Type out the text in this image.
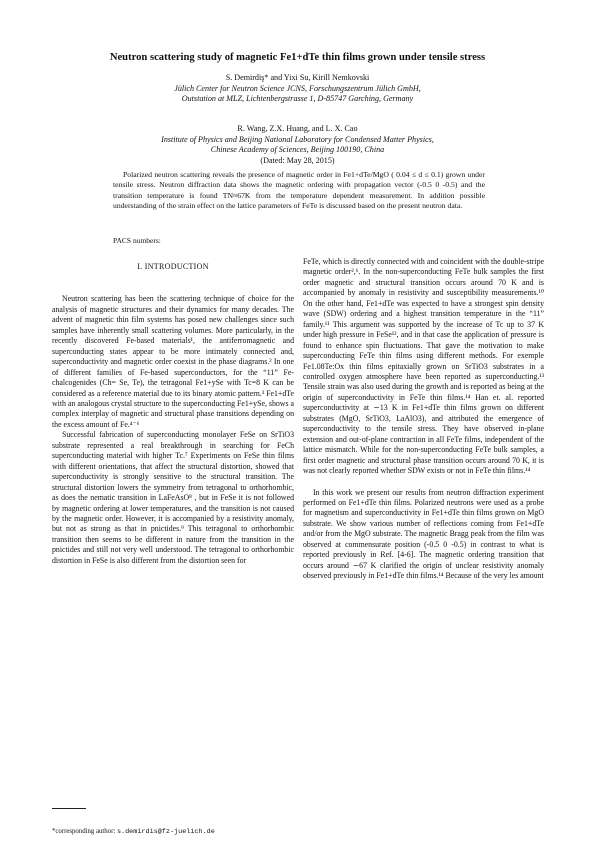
Neutron scattering study of magnetic Fe1+dTe thin films grown under tensile stress
S. Demirdiş* and Yixi Su, Kirill Nemkovski
Jülich Center for Neutron Science JCNS, Forschungszentrum Jülich GmbH,
Outstation at MLZ, Lichtenbergstrasse 1, D-85747 Garching, Germany
R. Wang, Z.X. Huang, and L. X. Cao
Institute of Physics and Beijing National Laboratory for Condensed Matter Physics,
Chinese Academy of Sciences, Beijing 100190, China
(Dated: May 28, 2015)
Polarized neutron scattering reveals the presence of magnetic order in Fe1+dTe/MgO ( 0.04 ≤ d ≤ 0.1) grown under tensile stress. Neutron diffraction data shows the magnetic ordering with propagation vector (-0.5 0 -0.5) and the transition temperature is found TN≈67K from the temperature dependent measurement. In addition possible understanding of the strain effect on the lattice parameters of FeTe is discussed based on the present neutron data.
PACS numbers:
I. INTRODUCTION

Neutron scattering has been the scattering technique of choice for the analysis of magnetic structures and their dynamics for many decades. The advent of magnetic thin film systems has posed new challenges since such samples have inherently small scattering volumes. More particularly, in the recently discovered Fe-based materials¹, the antiferromagnetic and superconducting states appear to be more intimately connected and, superconductivity and magnetic order coexist in the phase diagrams.² In one of different families of Fe-based superconductors, for the “11” Fe-chalcogenides (Ch= Se, Te), the tetragonal Fe1+ySe with Tc=8 K can be considered as a reference material due to its binary atomic pattern.³ Fe1+dTe with an analogous crystal structure to the superconducting Fe1+ySe, shows a complex interplay of magnetic and structural phase transitions depending on the excess amount of Fe.⁴⁻⁶

Successful fabrication of superconducting monolayer FeSe on SrTiO3 substrate represented a real breakthrough in searching for FeCh superconducting material with higher Tc.⁷ Experiments on FeSe thin films with different orientations, that affect the structural distortion, showed that superconductivity is strongly sensitive to the structural transition. The structural distortion lowers the symmetry from tetragonal to orthorhombic, as does the nematic transition in LaFeAsO⁸ , but in FeSe it is not followed by magnetic ordering at lower temperatures, and the transition is not caused by the magnetic order. However, it is accompanied by a resistivity anomaly, but not as strong as that in pnictides.⁹ This tetragonal to orthorhombic transition then seems to be different in nature from the transition in the pnictides and still not very well understood. The tetragonal to orthorhombic distortion in FeSe is also different from the distortion seen for

FeTe, which is directly connected with and coincident with the double-stripe magnetic order²,⁶. In the non-superconducting FeTe bulk samples the first order magnetic and structural transition occurs around 70 K and is accompanied by anomaly in resistivity and susceptibility measurements.¹⁰ On the other hand, Fe1+dTe was expected to have a strongest spin density wave (SDW) ordering and a highest transition temperature in the “11” family.¹¹ This argument was supported by the increase of Tc up to 37 K under high pressure in FeSe¹², and in that case the application of pressure is found to enhance spin fluctuations. That gave the motivation to make superconducting FeTe thin films using different methods. For exemple Fe1.08Te:Ox thin films epitaxially grown on SrTiO3 substrates in a controlled oxygen atmosphere have been reported as superconducting.¹³ Tensile strain was also used during the growth and is reported as being at the origin of superconductivity in FeTe thin films.¹⁴ Han et. al. reported superconductivity at ∼13 K in Fe1+dTe thin films grown on different substrates (MgO, SrTiO3, LaAlO3), and attributed the emergence of superconductivity to the tensile stress. They have observed in-plane extension and out-of-plane contraction in all FeTe films, independent of the lattice mismatch. While for the non-superconducting FeTe bulk samples, a first order magnetic and structural phase transition occurs around 70 K, it is was not clearly reported whether SDW exists or not in FeTe thin films.¹⁴

In this work we present our results from neutron diffraction experiment performed on Fe1+dTe thin films. Polarized neutrons were used as a probe for magnetism and superconductivity in Fe1+dTe thin films grown on MgO substrate. We show various number of reflections coming from Fe1+dTe and/or from the MgO substrate. The magnetic Bragg peak from the film was observed at commensurate position (-0.5 0 -0.5) in contrast to what is reported previously in Ref. [4-6]. The magnetic ordering transition that occurs around ∼67 K clarified the origin of unclear resistivity anomaly observed previously in Fe1+dTe thin films.¹⁴ Because of the very les amount

*corresponding author: s.demirdis@fz-juelich.de
